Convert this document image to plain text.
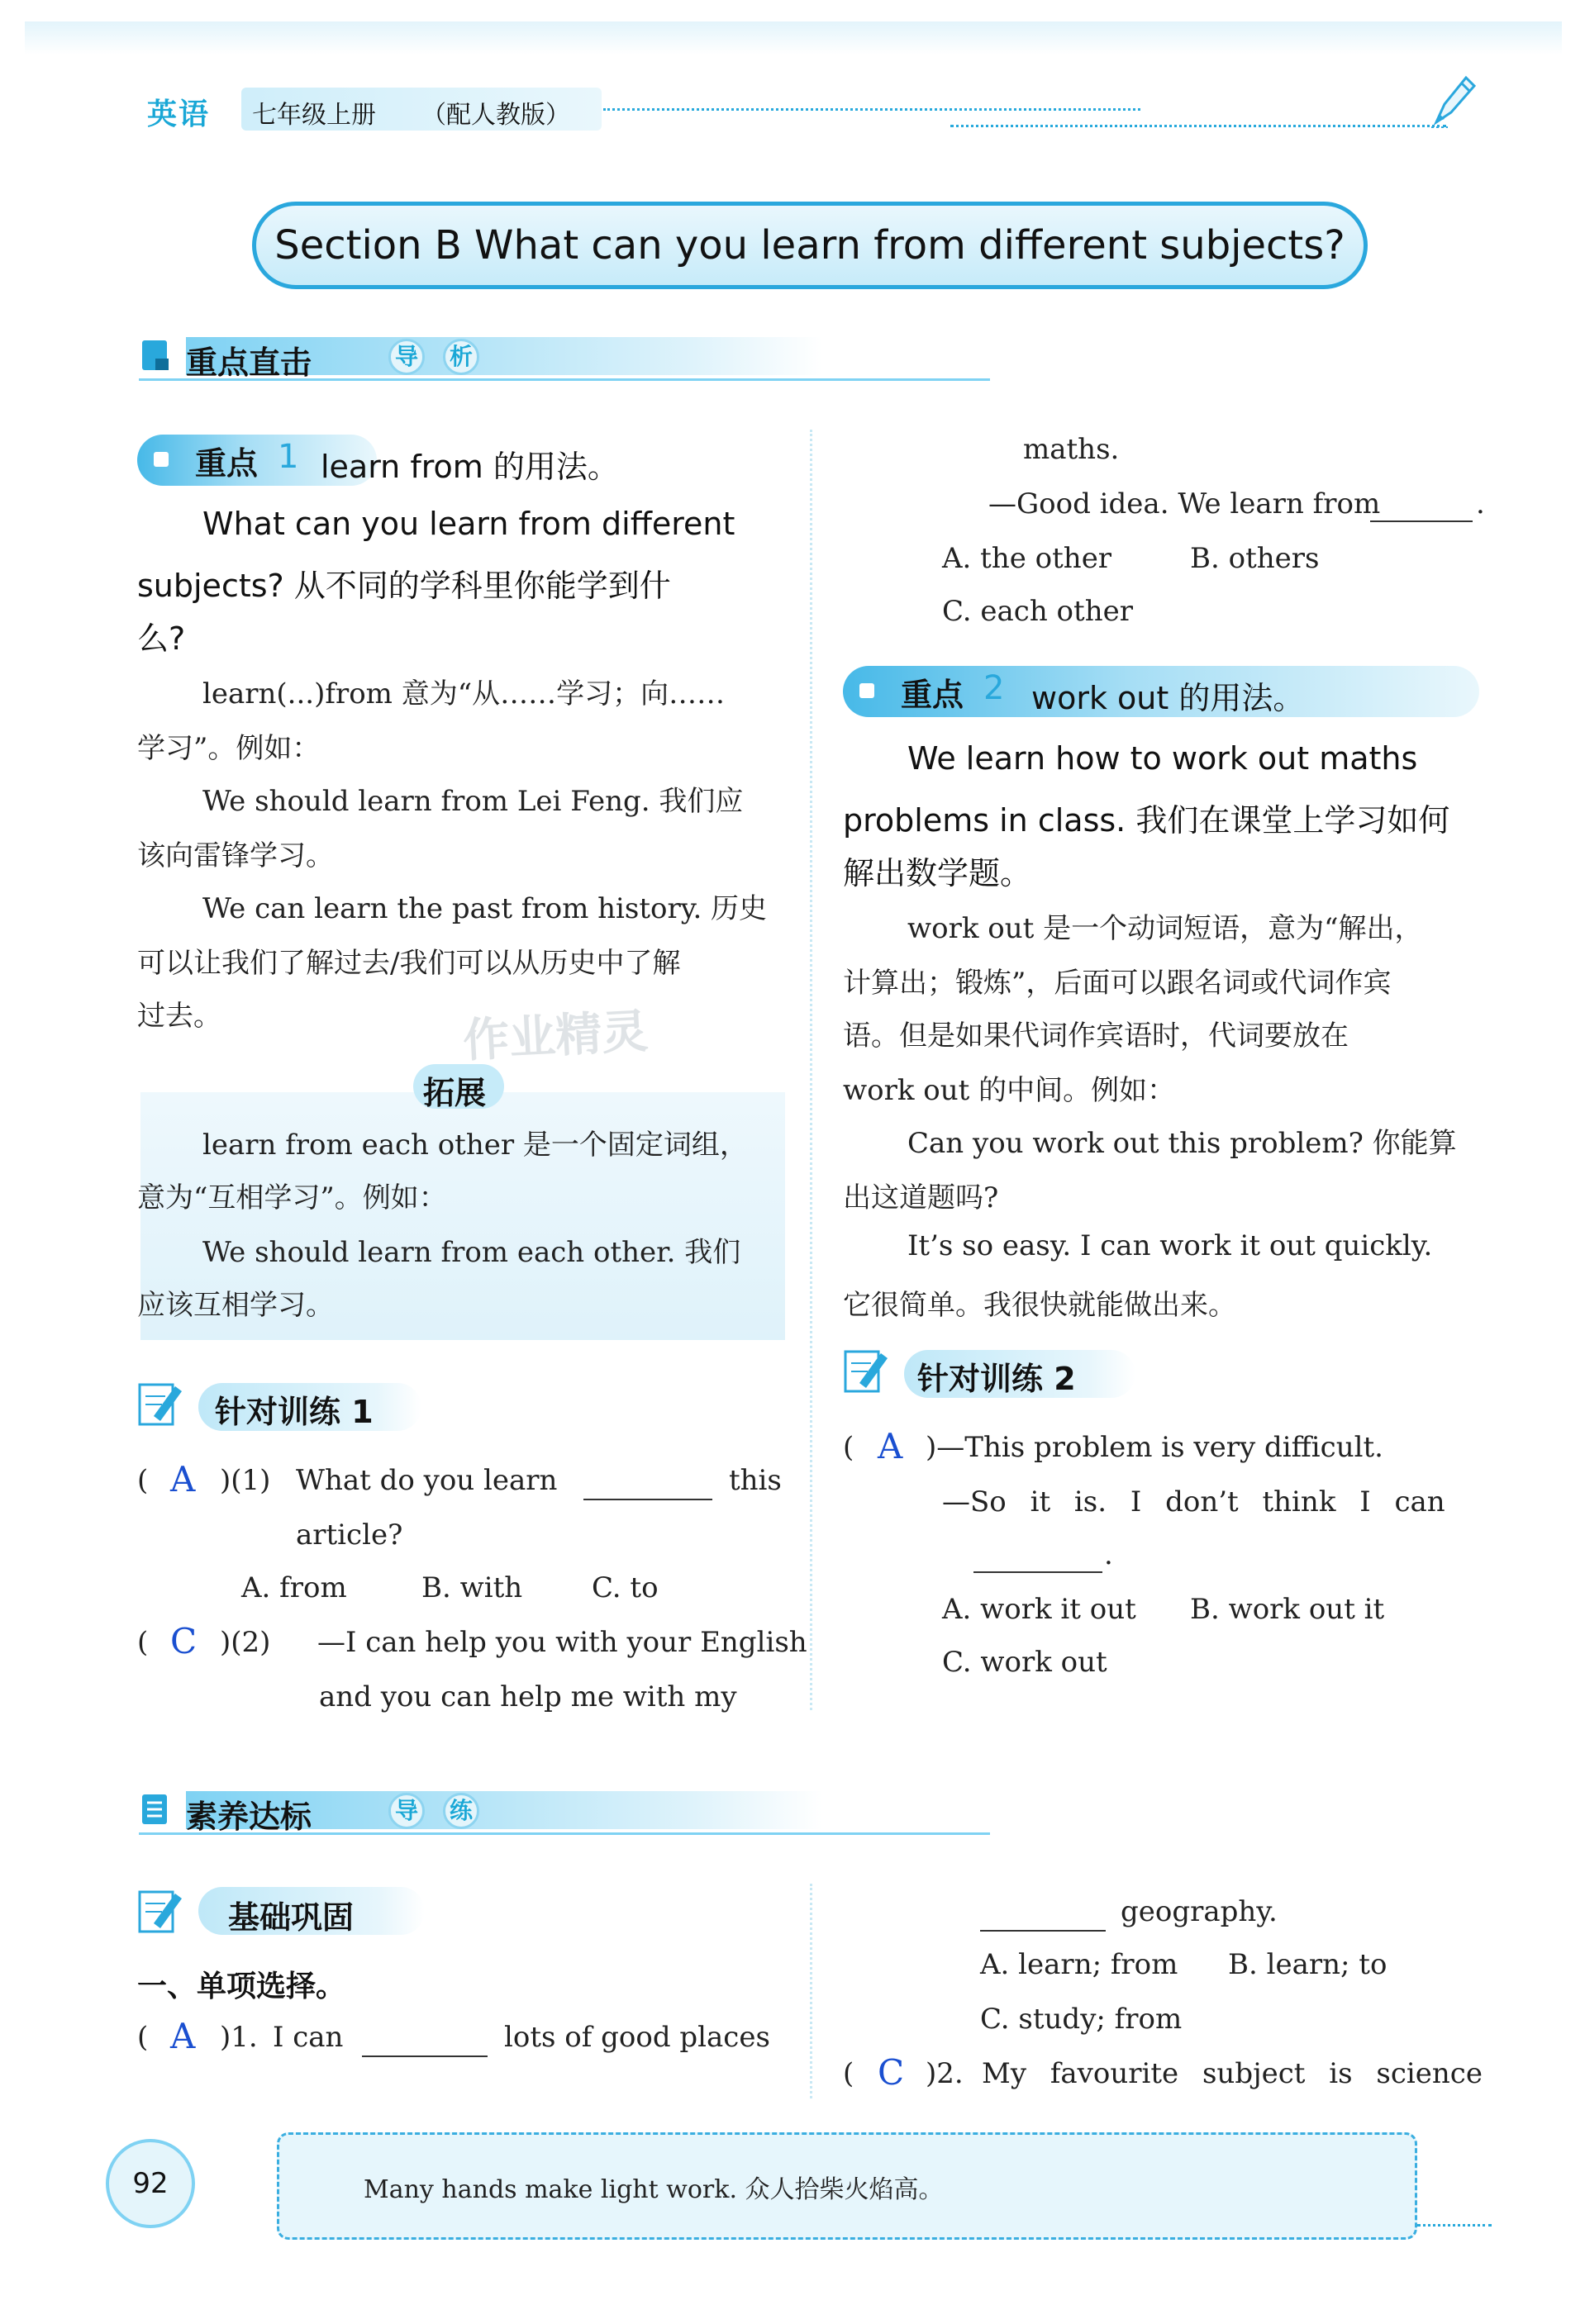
英语 七年级上册 （配人教版）
Section B What can you learn from different subjects?
重点直击	导 析
重点 1 learn from 的用法。
What can you learn from different
subjects? 从不同的学科里你能学到什
么?
learn(...)from 意为“从……学习；向……
学习”。例如：
We should learn from Lei Feng. 我们应
该向雷锋学习。
We can learn the past from history. 历史
可以让我们了解过去/我们可以从历史中了解
过去。
拓展
learn from each other 是一个固定词组，
意为“互相学习”。例如：
We should learn from each other. 我们
应该互相学习。
作业精灵
针对训练 1
( A )(1) What do you learn	this
article?
A. from	B. with C. to
( C )(2) —I can help you with your English
and you can help me with my
maths.
—Good idea. We learn from	.
A. the other	B. others
C. each other
重点 2 work out 的用法。
We learn how to work out maths
problems in class. 我们在课堂上学习如何
解出数学题。
work out 是一个动词短语，意为“解出，
计算出；锻炼”，后面可以跟名词或代词作宾
语。但是如果代词作宾语时，代词要放在
work out 的中间。例如：
Can you work out this problem? 你能算
出这道题吗?
It’s so easy. I can work it out quickly.
它很简单。我很快就能做出来。
针对训练 2
( A )—This problem is very difficult.
—So it is. I don’t think I can
.
A. work it out B. work out it
C. work out
素养达标	导 练
基础巩固
一、单项选择。
( A )1. I can	lots of good places
geography.
A. learn; from B. learn; to
C. study; from
( C )2. My favourite subject is science
92	Many hands make light work. 众人拾柴火焰高。
